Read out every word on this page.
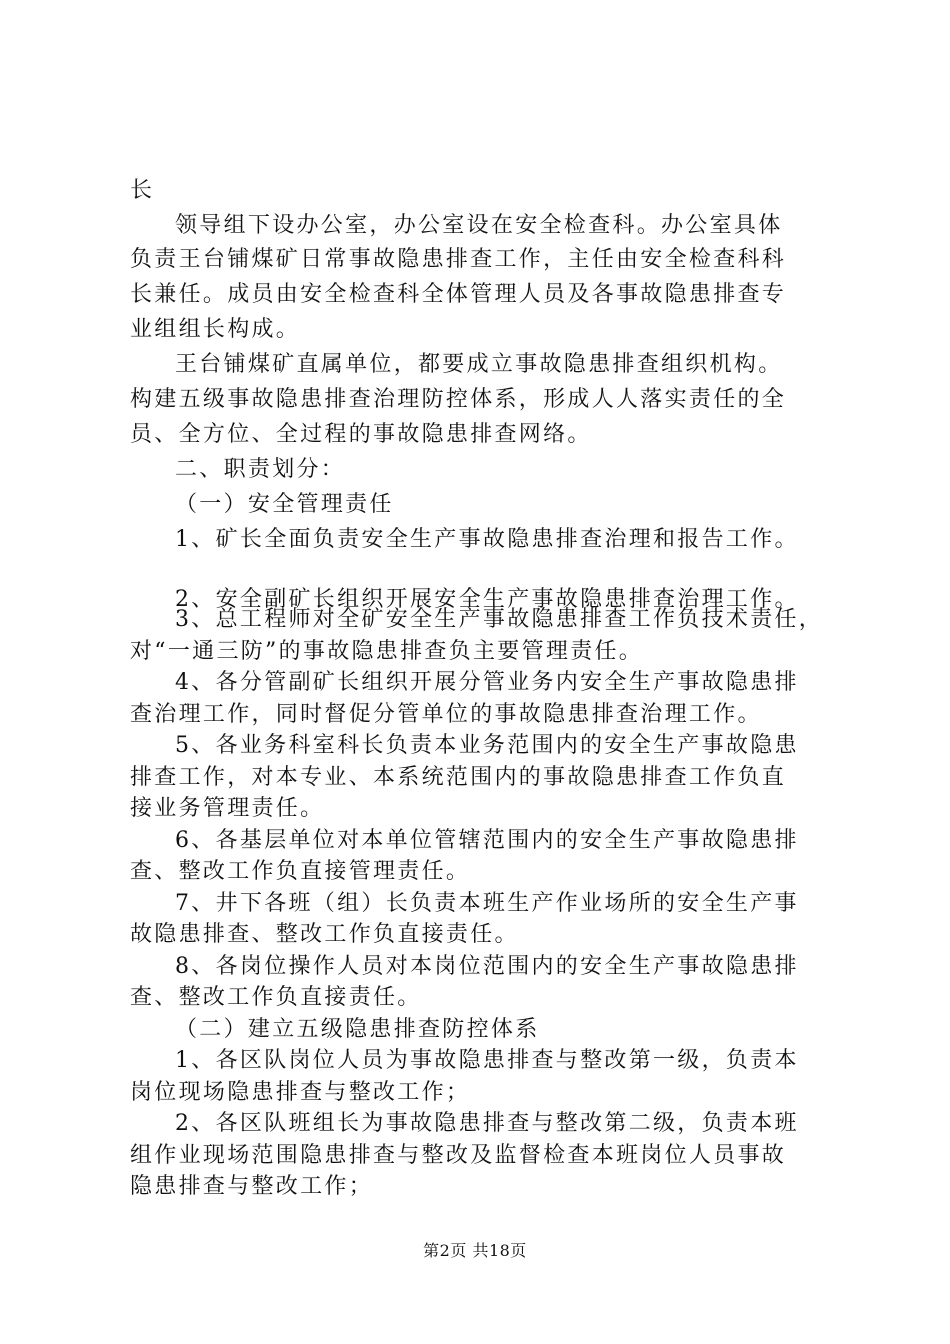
长
领导组下设办公室，办公室设在安全检查科。办公室具体
负责王台铺煤矿日常事故隐患排查工作，主任由安全检查科科
长兼任。成员由安全检查科全体管理人员及各事故隐患排查专
业组组长构成。
王台铺煤矿直属单位，都要成立事故隐患排查组织机构。
构建五级事故隐患排查治理防控体系，形成人人落实责任的全
员、全方位、全过程的事故隐患排查网络。
二、职责划分：
（一）安全管理责任
1、矿长全面负责安全生产事故隐患排查治理和报告工作。
2、安全副矿长组织开展安全生产事故隐患排查治理工作。
3、总工程师对全矿安全生产事故隐患排查工作负技术责任，
对“一通三防”的事故隐患排查负主要管理责任。
4、各分管副矿长组织开展分管业务内安全生产事故隐患排
查治理工作，同时督促分管单位的事故隐患排查治理工作。
5、各业务科室科长负责本业务范围内的安全生产事故隐患
排查工作，对本专业、本系统范围内的事故隐患排查工作负直
接业务管理责任。
6、各基层单位对本单位管辖范围内的安全生产事故隐患排
查、整改工作负直接管理责任。
7、井下各班（组）长负责本班生产作业场所的安全生产事
故隐患排查、整改工作负直接责任。
8、各岗位操作人员对本岗位范围内的安全生产事故隐患排
查、整改工作负直接责任。
（二）建立五级隐患排查防控体系
1、各区队岗位人员为事故隐患排查与整改第一级，负责本
岗位现场隐患排查与整改工作；
2、各区队班组长为事故隐患排查与整改第二级，负责本班
组作业现场范围隐患排查与整改及监督检查本班岗位人员事故
隐患排查与整改工作；
第2页 共18页
